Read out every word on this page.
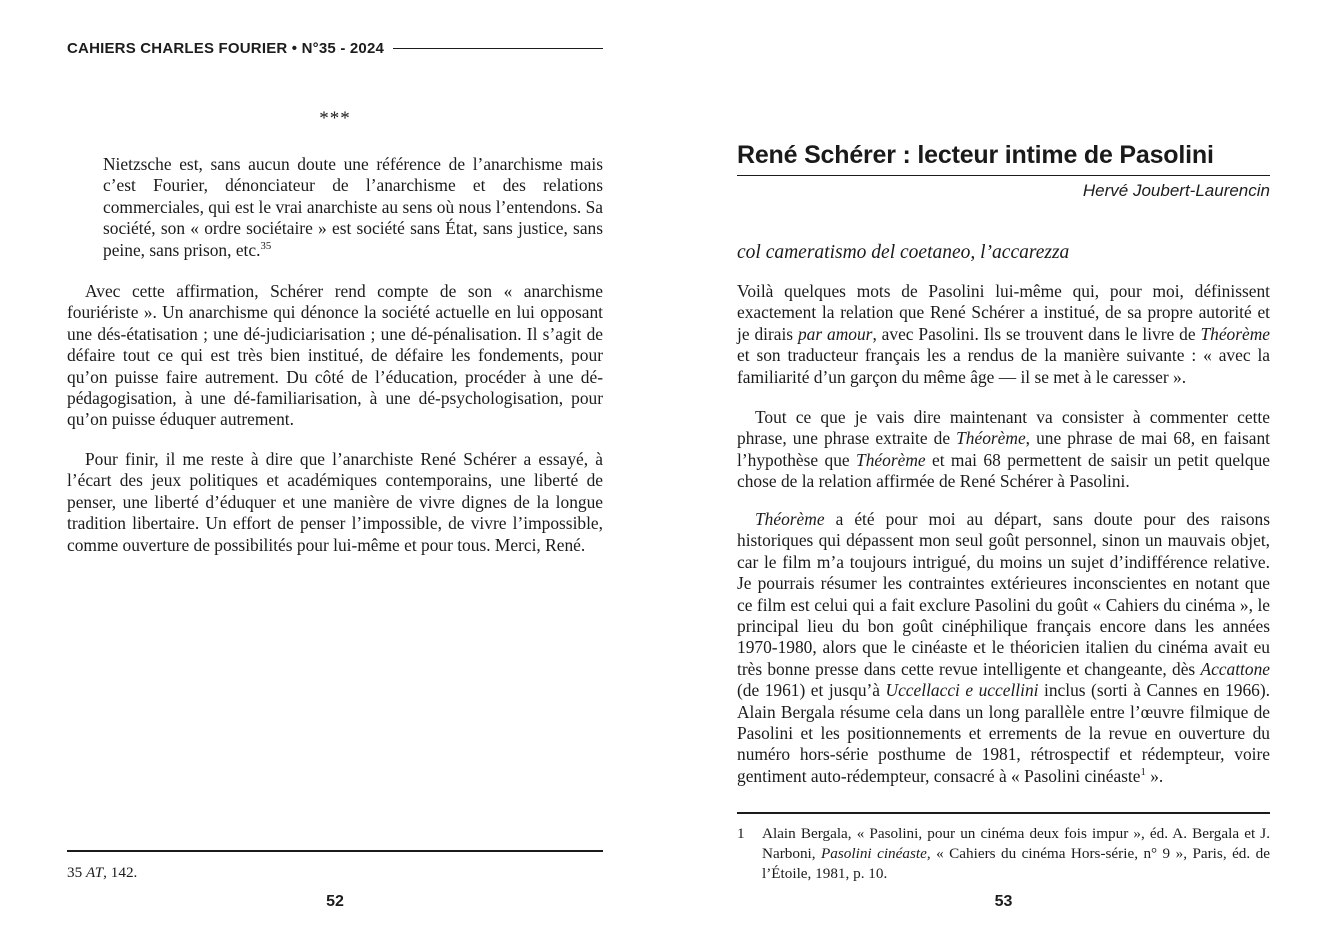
CAHIERS CHARLES FOURIER • N°35 - 2024
***
Nietzsche est, sans aucun doute une référence de l’anarchisme mais c’est Fourier, dénonciateur de l’anarchisme et des relations commerciales, qui est le vrai anarchiste au sens où nous l’entendons. Sa société, son « ordre sociétaire » est société sans État, sans justice, sans peine, sans prison, etc.$^{35}$
Avec cette affirmation, Schérer rend compte de son « anarchisme fouriériste ». Un anarchisme qui dénonce la société actuelle en lui opposant une dés-étatisation ; une dé-judiciarisation ; une dé-pénalisation. Il s’agit de défaire tout ce qui est très bien institué, de défaire les fondements, pour qu’on puisse faire autrement. Du côté de l’éducation, procéder à une dé-pédagogisation, à une dé-familiarisation, à une dé-psychologisation, pour qu’on puisse éduquer autrement.
Pour finir, il me reste à dire que l’anarchiste René Schérer a essayé, à l’écart des jeux politiques et académiques contemporains, une liberté de penser, une liberté d’éduquer et une manière de vivre dignes de la longue tradition libertaire. Un effort de penser l’impossible, de vivre l’impossible, comme ouverture de possibilités pour lui-même et pour tous. Merci, René.
35 AT, 142.
52
René Schérer : lecteur intime de Pasolini
Hervé Joubert-Laurencin
col cameratismo del coetaneo, l’accarezza
Voilà quelques mots de Pasolini lui-même qui, pour moi, définissent exactement la relation que René Schérer a institué, de sa propre autorité et je dirais par amour, avec Pasolini. Ils se trouvent dans le livre de Théorème et son traducteur français les a rendus de la manière suivante : « avec la familiarité d’un garçon du même âge — il se met à le caresser ».
Tout ce que je vais dire maintenant va consister à commenter cette phrase, une phrase extraite de Théorème, une phrase de mai 68, en faisant l’hypothèse que Théorème et mai 68 permettent de saisir un petit quelque chose de la relation affirmée de René Schérer à Pasolini.
Théorème a été pour moi au départ, sans doute pour des raisons historiques qui dépassent mon seul goût personnel, sinon un mauvais objet, car le film m’a toujours intrigué, du moins un sujet d’indifférence relative. Je pourrais résumer les contraintes extérieures inconscientes en notant que ce film est celui qui a fait exclure Pasolini du goût « Cahiers du cinéma », le principal lieu du bon goût cinéphilique français encore dans les années 1970-1980, alors que le cinéaste et le théoricien italien du cinéma avait eu très bonne presse dans cette revue intelligente et changeante, dès Accattone (de 1961) et jusqu’à Uccellacci e uccellini inclus (sorti à Cannes en 1966). Alain Bergala résume cela dans un long parallèle entre l’œuvre filmique de Pasolini et les positionnements et errements de la revue en ouverture du numéro hors-série posthume de 1981, rétrospectif et rédempteur, voire gentiment auto-rédempteur, consacré à « Pasolini cinéaste$^1$ ».
1	Alain Bergala, « Pasolini, pour un cinéma deux fois impur », éd. A. Bergala et J. Narboni, Pasolini cinéaste, « Cahiers du cinéma Hors-série, n° 9 », Paris, éd. de l’Étoile, 1981, p. 10.
53
